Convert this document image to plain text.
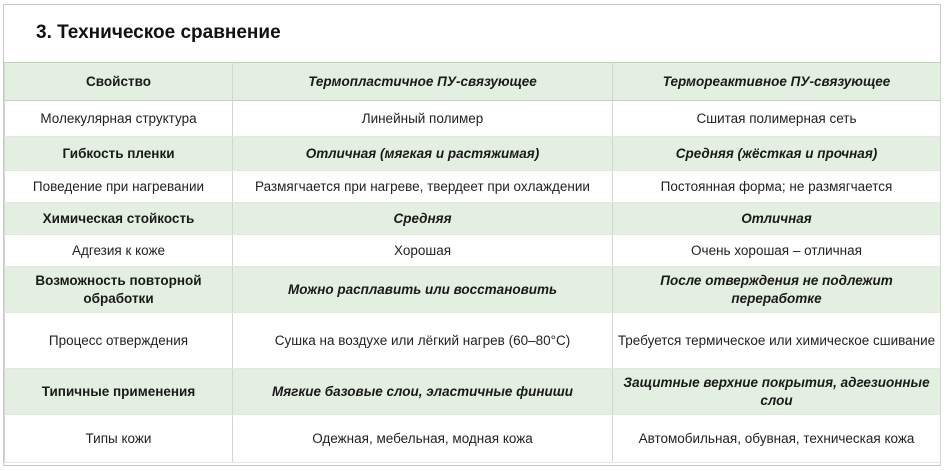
3. Техническое сравнение
Свойство	Термопластичное ПУ-связующее	Термореактивное ПУ-связующее
Молекулярная структура	Линейный полимер	Сшитая полимерная сеть
Гибкость пленки	Отличная (мягкая и растяжимая)	Средняя (жёсткая и прочная)
Поведение при нагревании	Размягчается при нагреве, твердеет при охлаждении	Постоянная форма; не размягчается
Химическая стойкость	Средняя	Отличная
Адгезия к коже	Хорошая	Очень хорошая – отличная
Возможность повторной обработки	Можно расплавить или восстановить	После отверждения не подлежит переработке
Процесс отверждения	Сушка на воздухе или лёгкий нагрев (60–80°C)	Требуется термическое или химическое сшивание
Типичные применения	Мягкие базовые слои, эластичные финиши	Защитные верхние покрытия, адгезионные слои
Типы кожи	Одежная, мебельная, модная кожа	Автомобильная, обувная, техническая кожа
